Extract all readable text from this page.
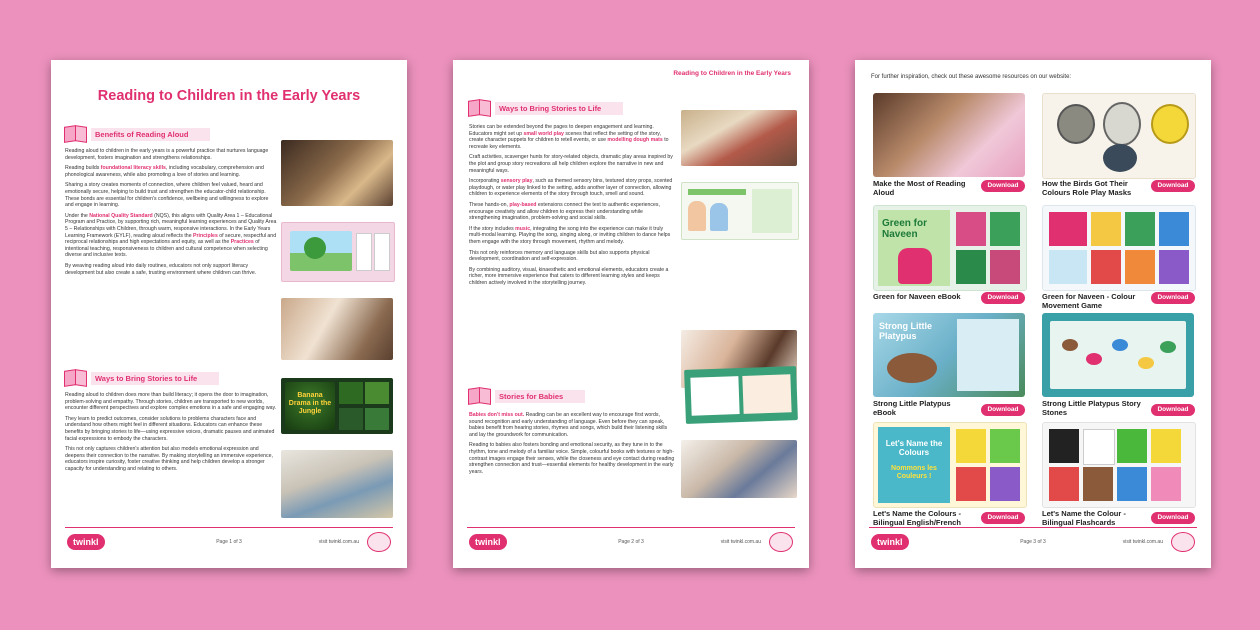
Reading to Children in the Early Years
Benefits of Reading Aloud

Reading aloud to children in the early years is a powerful practice that nurtures language development, fosters imagination and strengthens relationships.

Reading builds foundational literacy skills, including vocabulary, comprehension and phonological awareness, while also promoting a love of stories and learning.

Sharing a story creates moments of connection, where children feel valued, heard and emotionally secure, helping to build trust and strengthen the educator-child relationship. These bonds are essential for children's confidence, wellbeing and willingness to explore and engage in learning.

Under the National Quality Standard (NQS), this aligns with Quality Area 1 – Educational Program and Practice, by supporting rich, meaningful learning experiences and Quality Area 5 – Relationships with Children, through warm, responsive interactions. In the Early Years Learning Framework (EYLF), reading aloud reflects the Principles of secure, respectful and reciprocal relationships and high expectations and equity, as well as the Practices of intentional teaching, responsiveness to children and cultural competence when selecting diverse and inclusive texts.

By weaving reading aloud into daily routines, educators not only support literacy development but also create a safe, trusting environment where children can thrive.

Ways to Bring Stories to Life

Reading aloud to children does more than build literacy; it opens the door to imagination, problem-solving and empathy. Through stories, children are transported to new worlds, encounter different perspectives and explore complex emotions in a safe and engaging way.

They learn to predict outcomes, consider solutions to problems characters face and understand how others might feel in different situations. Educators can enhance these benefits by bringing stories to life—using expressive voices, dramatic pauses and animated facial expressions to embody the characters.

This not only captures children's attention but also models emotional expression and deepens their connection to the narrative. By making storytelling an immersive experience, educators inspire curiosity, foster creative thinking and help children develop a stronger capacity for understanding and relating to others.

Banana Drama in the Jungle
twinkl	Page 1 of 3	visit twinkl.com.au
Reading to Children in the Early Years
Ways to Bring Stories to Life

Stories can be extended beyond the pages to deepen engagement and learning. Educators might set up small world play scenes that reflect the setting of the story, create character puppets for children to retell events, or use modelling dough mats to recreate key elements.

Craft activities, scavenger hunts for story-related objects, dramatic play areas inspired by the plot and group story recreations all help children explore the narrative in new and meaningful ways.

Incorporating sensory play, such as themed sensory bins, textured story props, scented playdough, or water play linked to the setting, adds another layer of connection, allowing children to experience elements of the story through touch, smell and sound.

These hands-on, play-based extensions connect the text to authentic experiences, encourage creativity and allow children to express their understanding while strengthening imagination, problem-solving and social skills.

If the story includes music, integrating the song into the experience can make it truly multi-modal learning. Playing the song, singing along, or inviting children to dance helps them engage with the story through movement, rhythm and melody.

This not only reinforces memory and language skills but also supports physical development, coordination and self-expression.

By combining auditory, visual, kinaesthetic and emotional elements, educators create a richer, more immersive experience that caters to different learning styles and keeps children actively involved in the storytelling journey.

Stories for Babies

Babies don't miss out. Reading can be an excellent way to encourage first words, sound recognition and early understanding of language. Even before they can speak, babies benefit from hearing stories, rhymes and songs, which build their listening skills and lay the groundwork for communication.

Reading to babies also fosters bonding and emotional security, as they tune in to the rhythm, tone and melody of a familiar voice. Simple, colourful books with textures or high-contrast images engage their senses, while the closeness and eye contact during reading strengthen connection and trust—essential elements for healthy development in the early years.

twinkl	Page 2 of 3	visit twinkl.com.au
For further inspiration, check out these awesome resources on our website:
Make the Most of Reading Aloud
Download	How the Birds Got Their Colours Role Play Masks
Download
Green for Naveen
Green for Naveen eBook	Download	Green for Naveen - Colour Movement Game
Download
Strong Little Platypus
Strong Little Platypus eBook	Download
Strong Little Platypus Story Stones	Download
Let's Name the Colours
Nommons les Couleurs !
Let's Name the Colours - Bilingual English/French	Download	Let's Name the Colour - Bilingual Flashcards	Download
twinkl	Page 3 of 3	visit twinkl.com.au
